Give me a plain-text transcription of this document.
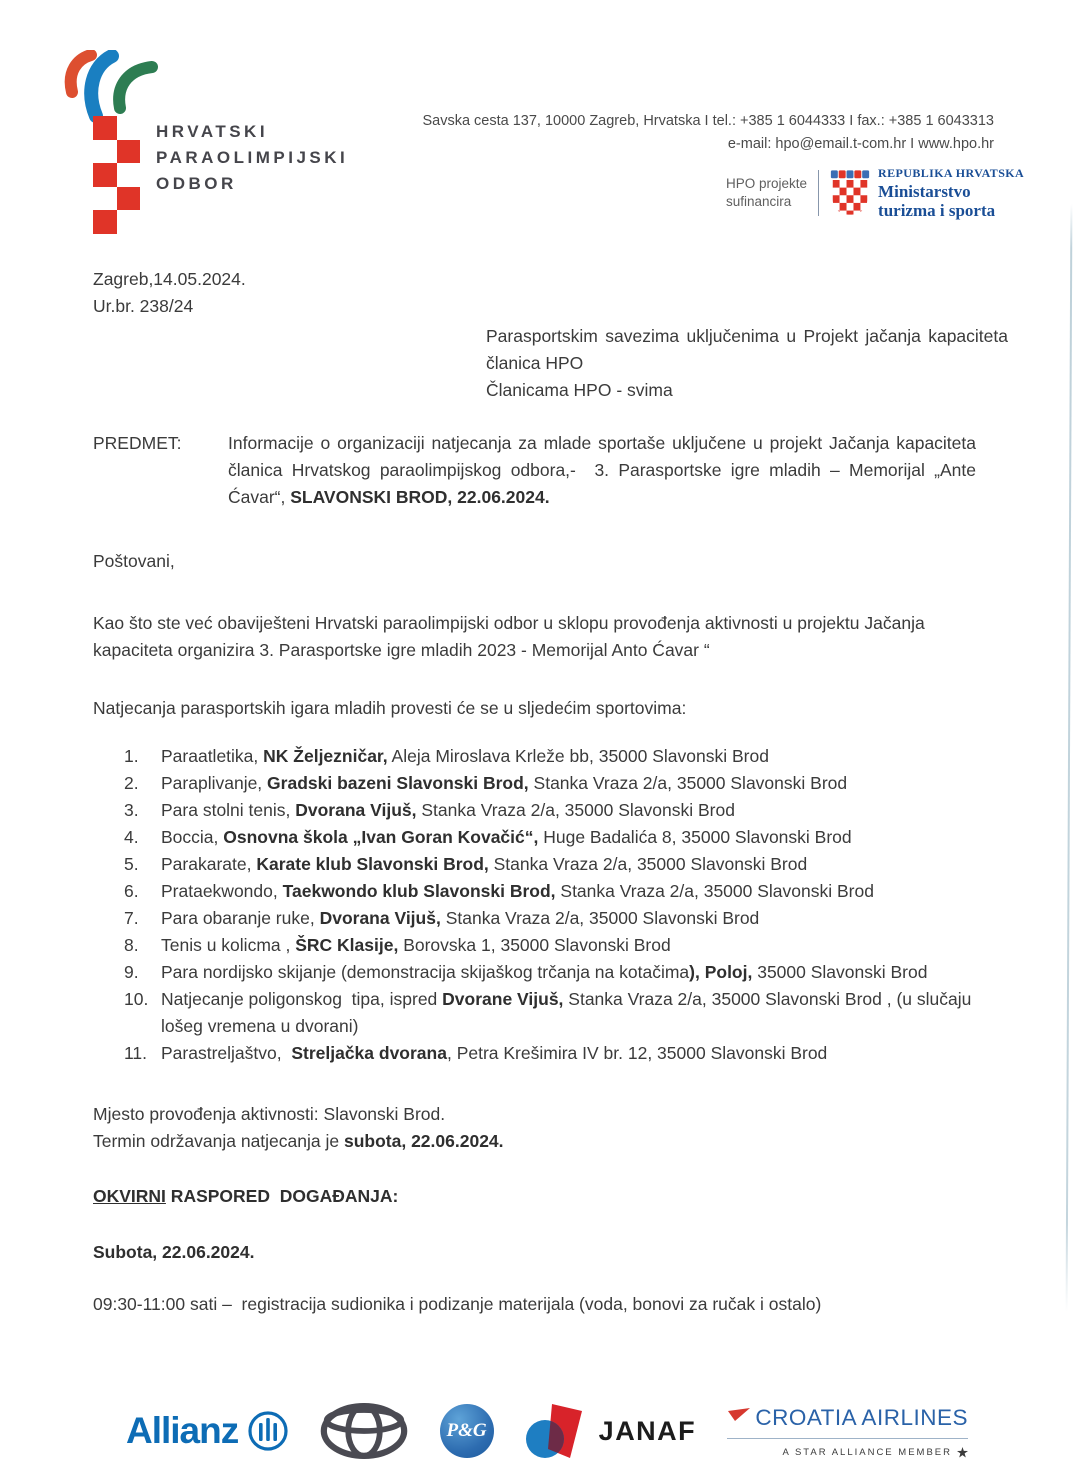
HRVATSKI
PARAOLIMPIJSKI
ODBOR
Savska cesta 137, 10000 Zagreb, Hrvatska I tel.: +385 1 6044333 I fax.: +385 1 6043313
e-mail: hpo@email.t-com.hr I www.hpo.hr
HPO projekte
sufinancira
REPUBLIKA HRVATSKA
Ministarstvo
turizma i sporta
Zagreb,14.05.2024.
Ur.br. 238/24
Parasportskim savezima uključenima u Projekt jačanja kapaciteta članica HPO
Članicama HPO - svima
PREDMET:	Informacije o organizaciji natjecanja za mlade sportaše uključene u projekt Jačanja kapaciteta članica Hrvatskog paraolimpijskog odbora,-  3. Parasportske igre mladih – Memorijal „Ante Ćavar“, SLAVONSKI BROD, 22.06.2024.
Poštovani,
Kao što ste već obaviješteni Hrvatski paraolimpijski odbor u sklopu provođenja aktivnosti u projektu Jačanja kapaciteta organizira 3. Parasportske igre mladih 2023 - Memorijal Anto Ćavar “
Natjecanja parasportskih igara mladih provesti će se u sljedećim sportovima:
1.	Paraatletika, NK Željezničar, Aleja Miroslava Krleže bb, 35000 Slavonski Brod
2.	Paraplivanje, Gradski bazeni Slavonski Brod, Stanka Vraza 2/a, 35000 Slavonski Brod
3.	Para stolni tenis, Dvorana Vijuš, Stanka Vraza 2/a, 35000 Slavonski Brod
4.	Boccia, Osnovna škola „Ivan Goran Kovačić“, Huge Badalića 8, 35000 Slavonski Brod
5.	Parakarate, Karate klub Slavonski Brod, Stanka Vraza 2/a, 35000 Slavonski Brod
6.	Prataekwondo, Taekwondo klub Slavonski Brod, Stanka Vraza 2/a, 35000 Slavonski Brod
7.	Para obaranje ruke, Dvorana Vijuš, Stanka Vraza 2/a, 35000 Slavonski Brod
8.	Tenis u kolicma , ŠRC Klasije, Borovska 1, 35000 Slavonski Brod
9.	Para nordijsko skijanje (demonstracija skijaškog trčanja na kotačima), Poloj, 35000 Slavonski Brod
10. Natjecanje poligonskog  tipa, ispred Dvorane Vijuš, Stanka Vraza 2/a, 35000 Slavonski Brod , (u slučaju lošeg vremena u dvorani)
11. Parastreljaštvo,  Streljačka dvorana, Petra Krešimira IV br. 12, 35000 Slavonski Brod
Mjesto provođenja aktivnosti: Slavonski Brod.
Termin održavanja natjecanja je subota, 22.06.2024.
OKVIRNI RASPORED  DOGAĐANJA:
Subota, 22.06.2024.
09:30-11:00 sati –  registracija sudionika i podizanje materijala (voda, bonovi za ručak i ostalo)
Allianz	P&G	JANAF	CROATIA AIRLINES
A STAR ALLIANCE MEMBER
